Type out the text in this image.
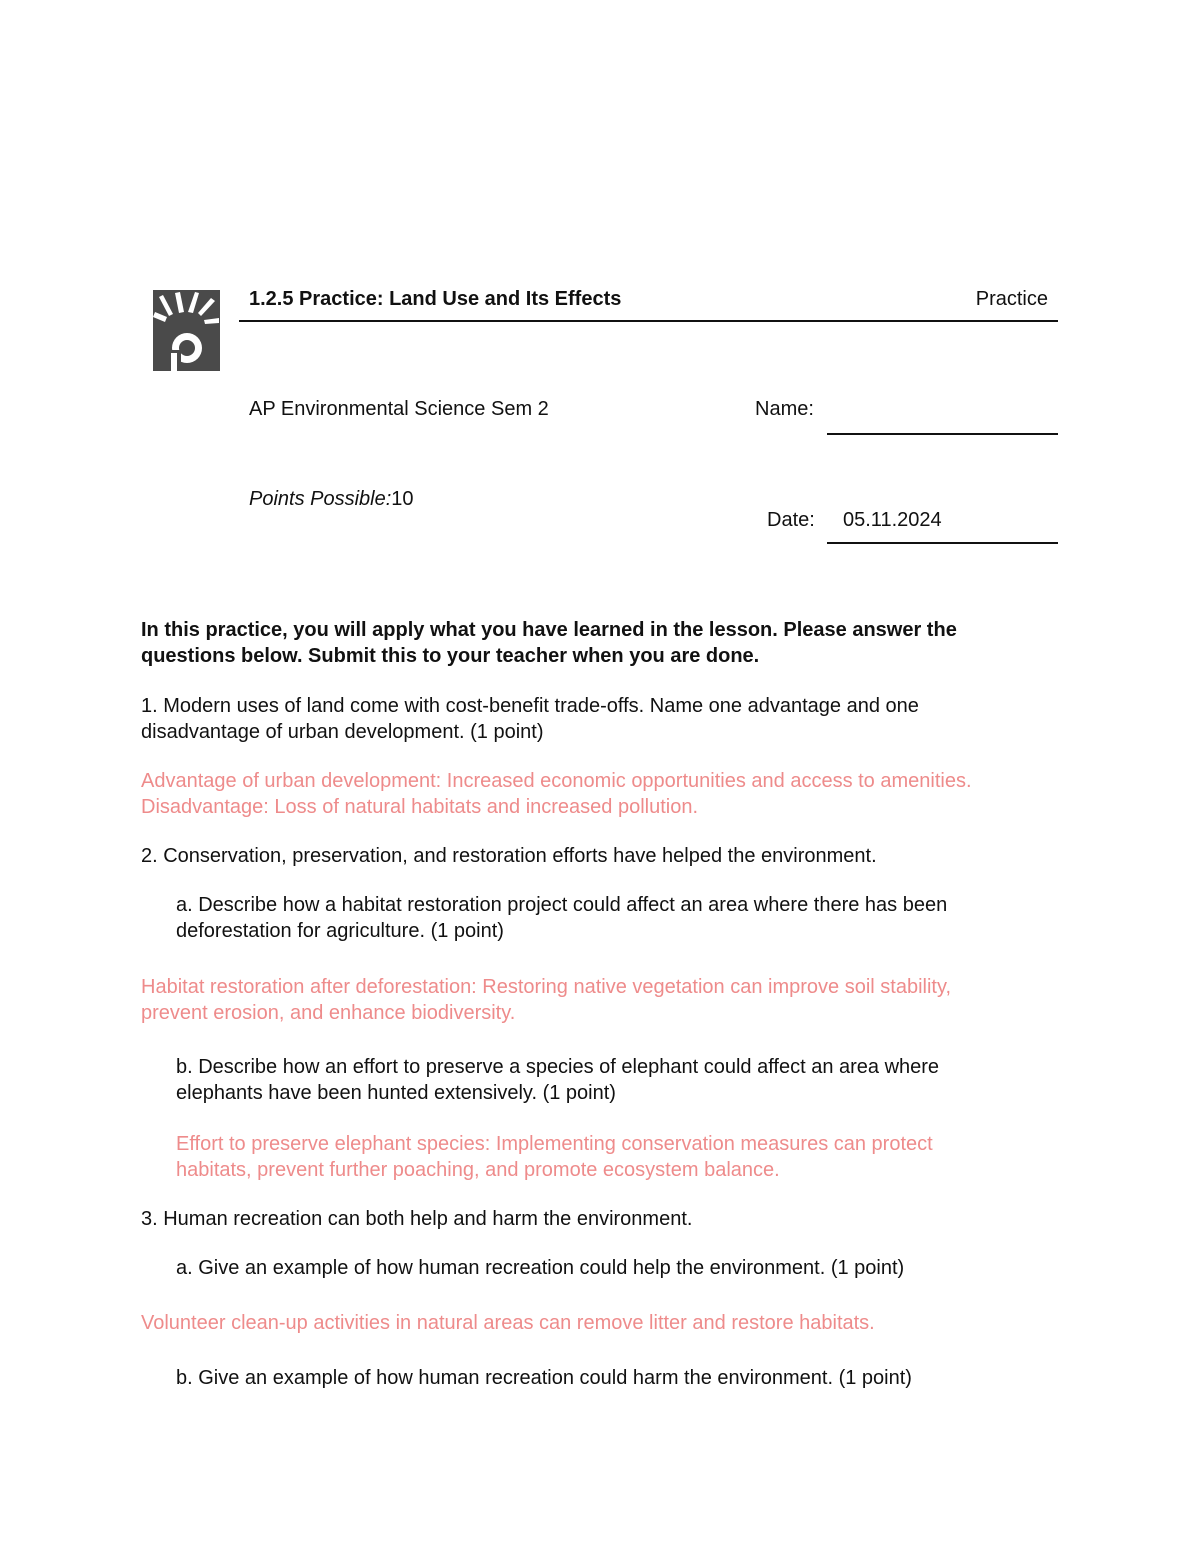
1.2.5 Practice: Land Use and Its Effects	Practice
AP Environmental Science Sem 2	Name:
Points Possible:10
Date: 05.11.2024
In this practice, you will apply what you have learned in the lesson. Please answer the
questions below. Submit this to your teacher when you are done.
1. Modern uses of land come with cost-benefit trade-offs. Name one advantage and one
disadvantage of urban development. (1 point)
Advantage of urban development: Increased economic opportunities and access to amenities.
Disadvantage: Loss of natural habitats and increased pollution.
2. Conservation, preservation, and restoration efforts have helped the environment.
a. Describe how a habitat restoration project could affect an area where there has been
deforestation for agriculture. (1 point)
Habitat restoration after deforestation: Restoring native vegetation can improve soil stability,
prevent erosion, and enhance biodiversity.
b. Describe how an effort to preserve a species of elephant could affect an area where
elephants have been hunted extensively. (1 point)
Effort to preserve elephant species: Implementing conservation measures can protect
habitats, prevent further poaching, and promote ecosystem balance.
3. Human recreation can both help and harm the environment.
a. Give an example of how human recreation could help the environment. (1 point)
Volunteer clean-up activities in natural areas can remove litter and restore habitats.
b. Give an example of how human recreation could harm the environment. (1 point)
